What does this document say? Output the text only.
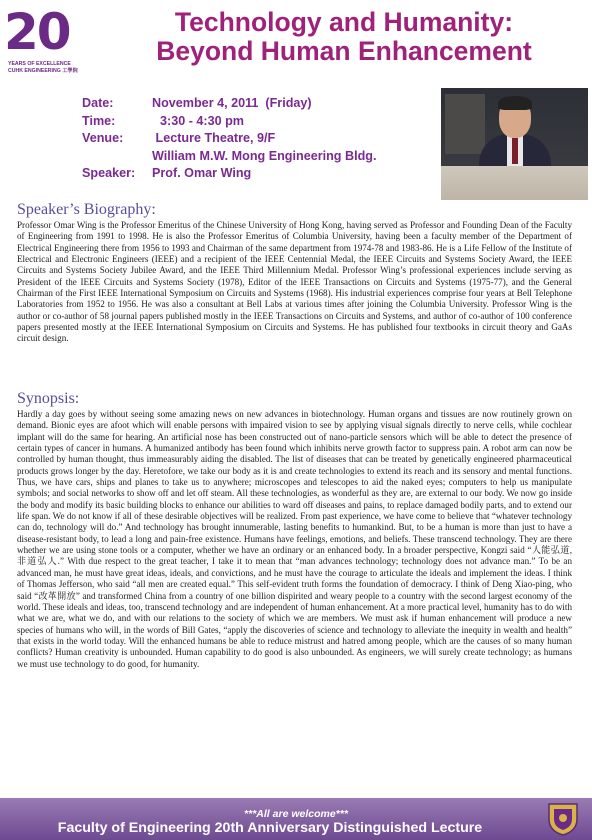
20
YEARS OF EXCELLENCE
CUHK ENGINEERING 工學院
Technology and Humanity:
Beyond Human Enhancement
Date:	November 4, 2011  (Friday)
Time:	3:30 - 4:30 pm
Venue: Lecture Theatre, 9/F
William M.W. Mong Engineering Bldg.
Speaker: Prof. Omar Wing
Speaker’s Biography:

Professor Omar Wing is the Professor Emeritus of the Chinese University of Hong Kong, having served as Professor and Founding Dean of the Faculty of Engineering from 1991 to 1998. He is also the Professor Emeritus of Columbia University, having been a faculty member of the Department of Electrical Engineering there from 1956 to 1993 and Chairman of the same department from 1974-78 and 1983-86. He is a Life Fellow of the Institute of Electrical and Electronic Engineers (IEEE) and a recipient of the IEEE Centennial Medal, the IEEE Circuits and Systems Society Award, the IEEE Circuits and Systems Society Jubilee Award, and the IEEE Third Millennium Medal. Professor Wing’s professional experiences include serving as President of the IEEE Circuits and Systems Society (1978), Editor of the IEEE Transactions on Circuits and Systems (1975-77), and the General Chairman of the First IEEE International Symposium on Circuits and Systems (1968). His industrial experiences comprise four years at Bell Telephone Laboratories from 1952 to 1956. He was also a consultant at Bell Labs at various times after joining the Columbia University. Professor Wing is the author or co-author of 58 journal papers published mostly in the IEEE Transactions on Circuits and Systems, and author of co-author of 100 conference papers presented mostly at the IEEE International Symposium on Circuits and Systems. He has published four textbooks in circuit theory and GaAs circuit design.

Synopsis:

Hardly a day goes by without seeing some amazing news on new advances in biotechnology. Human organs and tissues are now routinely grown on demand. Bionic eyes are afoot which will enable persons with impaired vision to see by applying visual signals directly to nerve cells, while cochlear implant will do the same for hearing. An artificial nose has been constructed out of nano-particle sensors which will be able to detect the presence of certain types of cancer in humans. A humanized antibody has been found which inhibits nerve growth factor to suppress pain. A robot arm can now be controlled by human thought, thus immeasurably aiding the disabled. The list of diseases that can be treated by genetically engineered pharmaceutical products grows longer by the day. Heretofore, we take our body as it is and create technologies to extend its reach and its sensory and mental functions. Thus, we have cars, ships and planes to take us to anywhere; microscopes and telescopes to aid the naked eyes; computers to help us manipulate symbols; and social networks to show off and let off steam. All these technologies, as wonderful as they are, are external to our body. We now go inside the body and modify its basic building blocks to enhance our abilities to ward off diseases and pains, to replace damaged bodily parts, and to extend our life span. We do not know if all of these desirable objectives will be realized. From past experience, we have come to believe that “whatever technology can do, technology will do.” And technology has brought innumerable, lasting benefits to humankind. But, to be a human is more than just to have a disease-resistant body, to lead a long and pain-free existence. Humans have feelings, emotions, and beliefs. These transcend technology. They are there whether we are using stone tools or a computer, whether we have an ordinary or an enhanced body. In a broader perspective, Kongzi said “人能弘道, 非道弘人.” With due respect to the great teacher, I take it to mean that “man advances technology; technology does not advance man.” To be an advanced man, he must have great ideas, ideals, and convictions, and he must have the courage to articulate the ideals and implement the ideas. I think of Thomas Jefferson, who said “all men are created equal.” This self-evident truth forms the foundation of democracy. I think of Deng Xiao-ping, who said “改革開放” and transformed China from a country of one billion dispirited and weary people to a country with the second largest economy of the world. These ideals and ideas, too, transcend technology and are independent of human enhancement. At a more practical level, humanity has to do with what we are, what we do, and with our relations to the society of which we are members. We must ask if human enhancement will produce a new species of humans who will, in the words of Bill Gates, “apply the discoveries of science and technology to alleviate the inequity in wealth and health” that exists in the world today. Will the enhanced humans be able to reduce mistrust and hatred among people, which are the causes of so many human conflicts? Human creativity is unbounded. Human capability to do good is also unbounded. As engineers, we will surely create technology; as humans we must use technology to do good, for humanity.

***All are welcome***
Faculty of Engineering 20th Anniversary Distinguished Lecture
